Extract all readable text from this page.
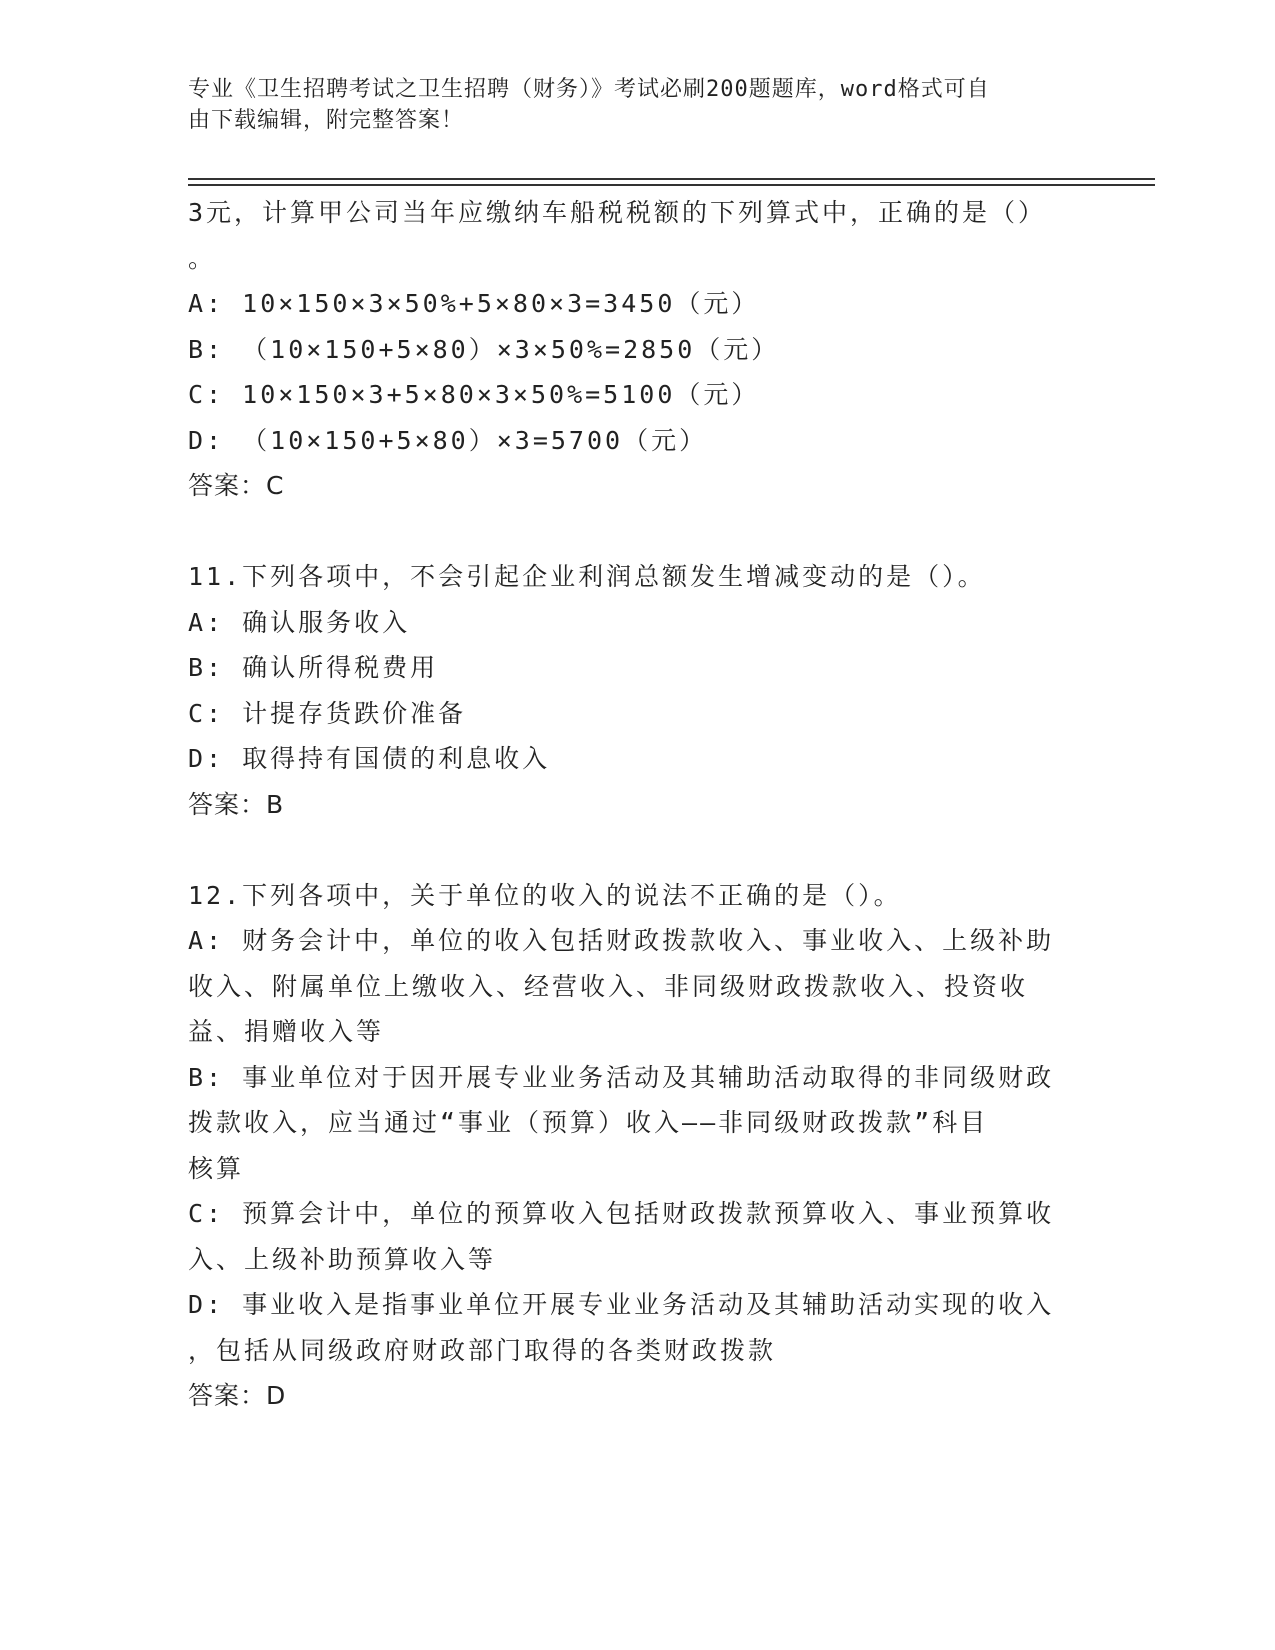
专业《卫生招聘考试之卫生招聘（财务）》考试必刷200题题库，word格式可自
由下载编辑，附完整答案！
3元，计算甲公司当年应缴纳车船税税额的下列算式中，正确的是（）
。
A: 10×150×3×50%+5×80×3=3450（元）
B: （10×150+5×80）×3×50%=2850（元）
C: 10×150×3+5×80×3×50%=5100（元）
D: （10×150+5×80）×3=5700（元）
答案：C
11.下列各项中，不会引起企业利润总额发生增减变动的是（）。
A: 确认服务收入
B: 确认所得税费用
C: 计提存货跌价准备
D: 取得持有国债的利息收入
答案：B
12.下列各项中，关于单位的收入的说法不正确的是（）。
A: 财务会计中，单位的收入包括财政拨款收入、事业收入、上级补助
收入、附属单位上缴收入、经营收入、非同级财政拨款收入、投资收
益、捐赠收入等
B: 事业单位对于因开展专业业务活动及其辅助活动取得的非同级财政
拨款收入，应当通过“事业（预算）收入——非同级财政拨款”科目
核算
C: 预算会计中，单位的预算收入包括财政拨款预算收入、事业预算收
入、上级补助预算收入等
D: 事业收入是指事业单位开展专业业务活动及其辅助活动实现的收入
，包括从同级政府财政部门取得的各类财政拨款
答案：D
